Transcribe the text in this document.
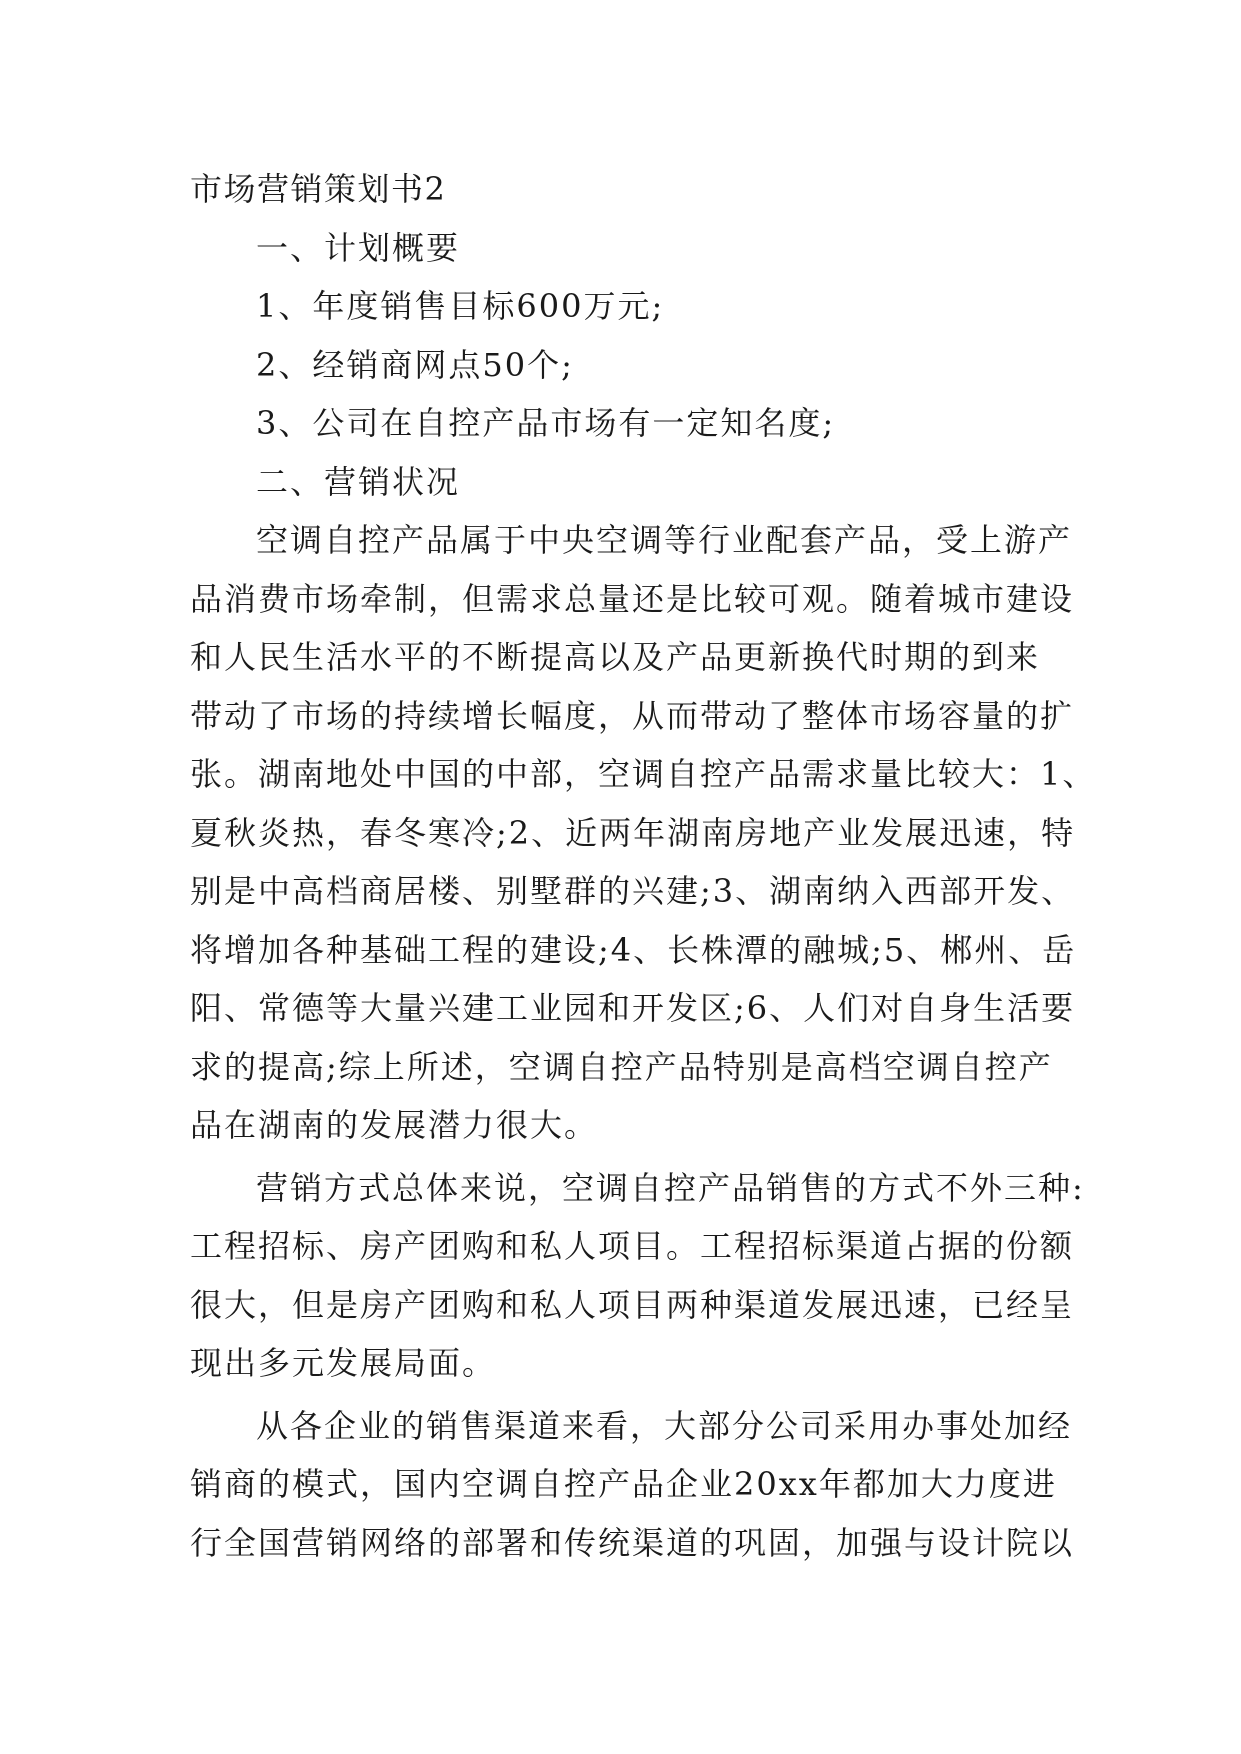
市场营销策划书2

一、计划概要

1、年度销售目标600万元;

2、经销商网点50个;

3、公司在自控产品市场有一定知名度;

二、营销状况

空调自控产品属于中央空调等行业配套产品，受上游产

品消费市场牵制，但需求总量还是比较可观。随着城市建设

和人民生活水平的不断提高以及产品更新换代时期的到来

带动了市场的持续增长幅度，从而带动了整体市场容量的扩

张。湖南地处中国的中部，空调自控产品需求量比较大：1、

夏秋炎热，春冬寒冷;2、近两年湖南房地产业发展迅速，特

别是中高档商居楼、别墅群的兴建;3、湖南纳入西部开发、

将增加各种基础工程的建设;4、长株潭的融城;5、郴州、岳

阳、常德等大量兴建工业园和开发区;6、人们对自身生活要

求的提高;综上所述，空调自控产品特别是高档空调自控产

品在湖南的发展潜力很大。

营销方式总体来说，空调自控产品销售的方式不外三种:

工程招标、房产团购和私人项目。工程招标渠道占据的份额

很大，但是房产团购和私人项目两种渠道发展迅速，已经呈

现出多元发展局面。

从各企业的销售渠道来看，大部分公司采用办事处加经

销商的模式，国内空调自控产品企业20xx年都加大力度进

行全国营销网络的部署和传统渠道的巩固，加强与设计院以
